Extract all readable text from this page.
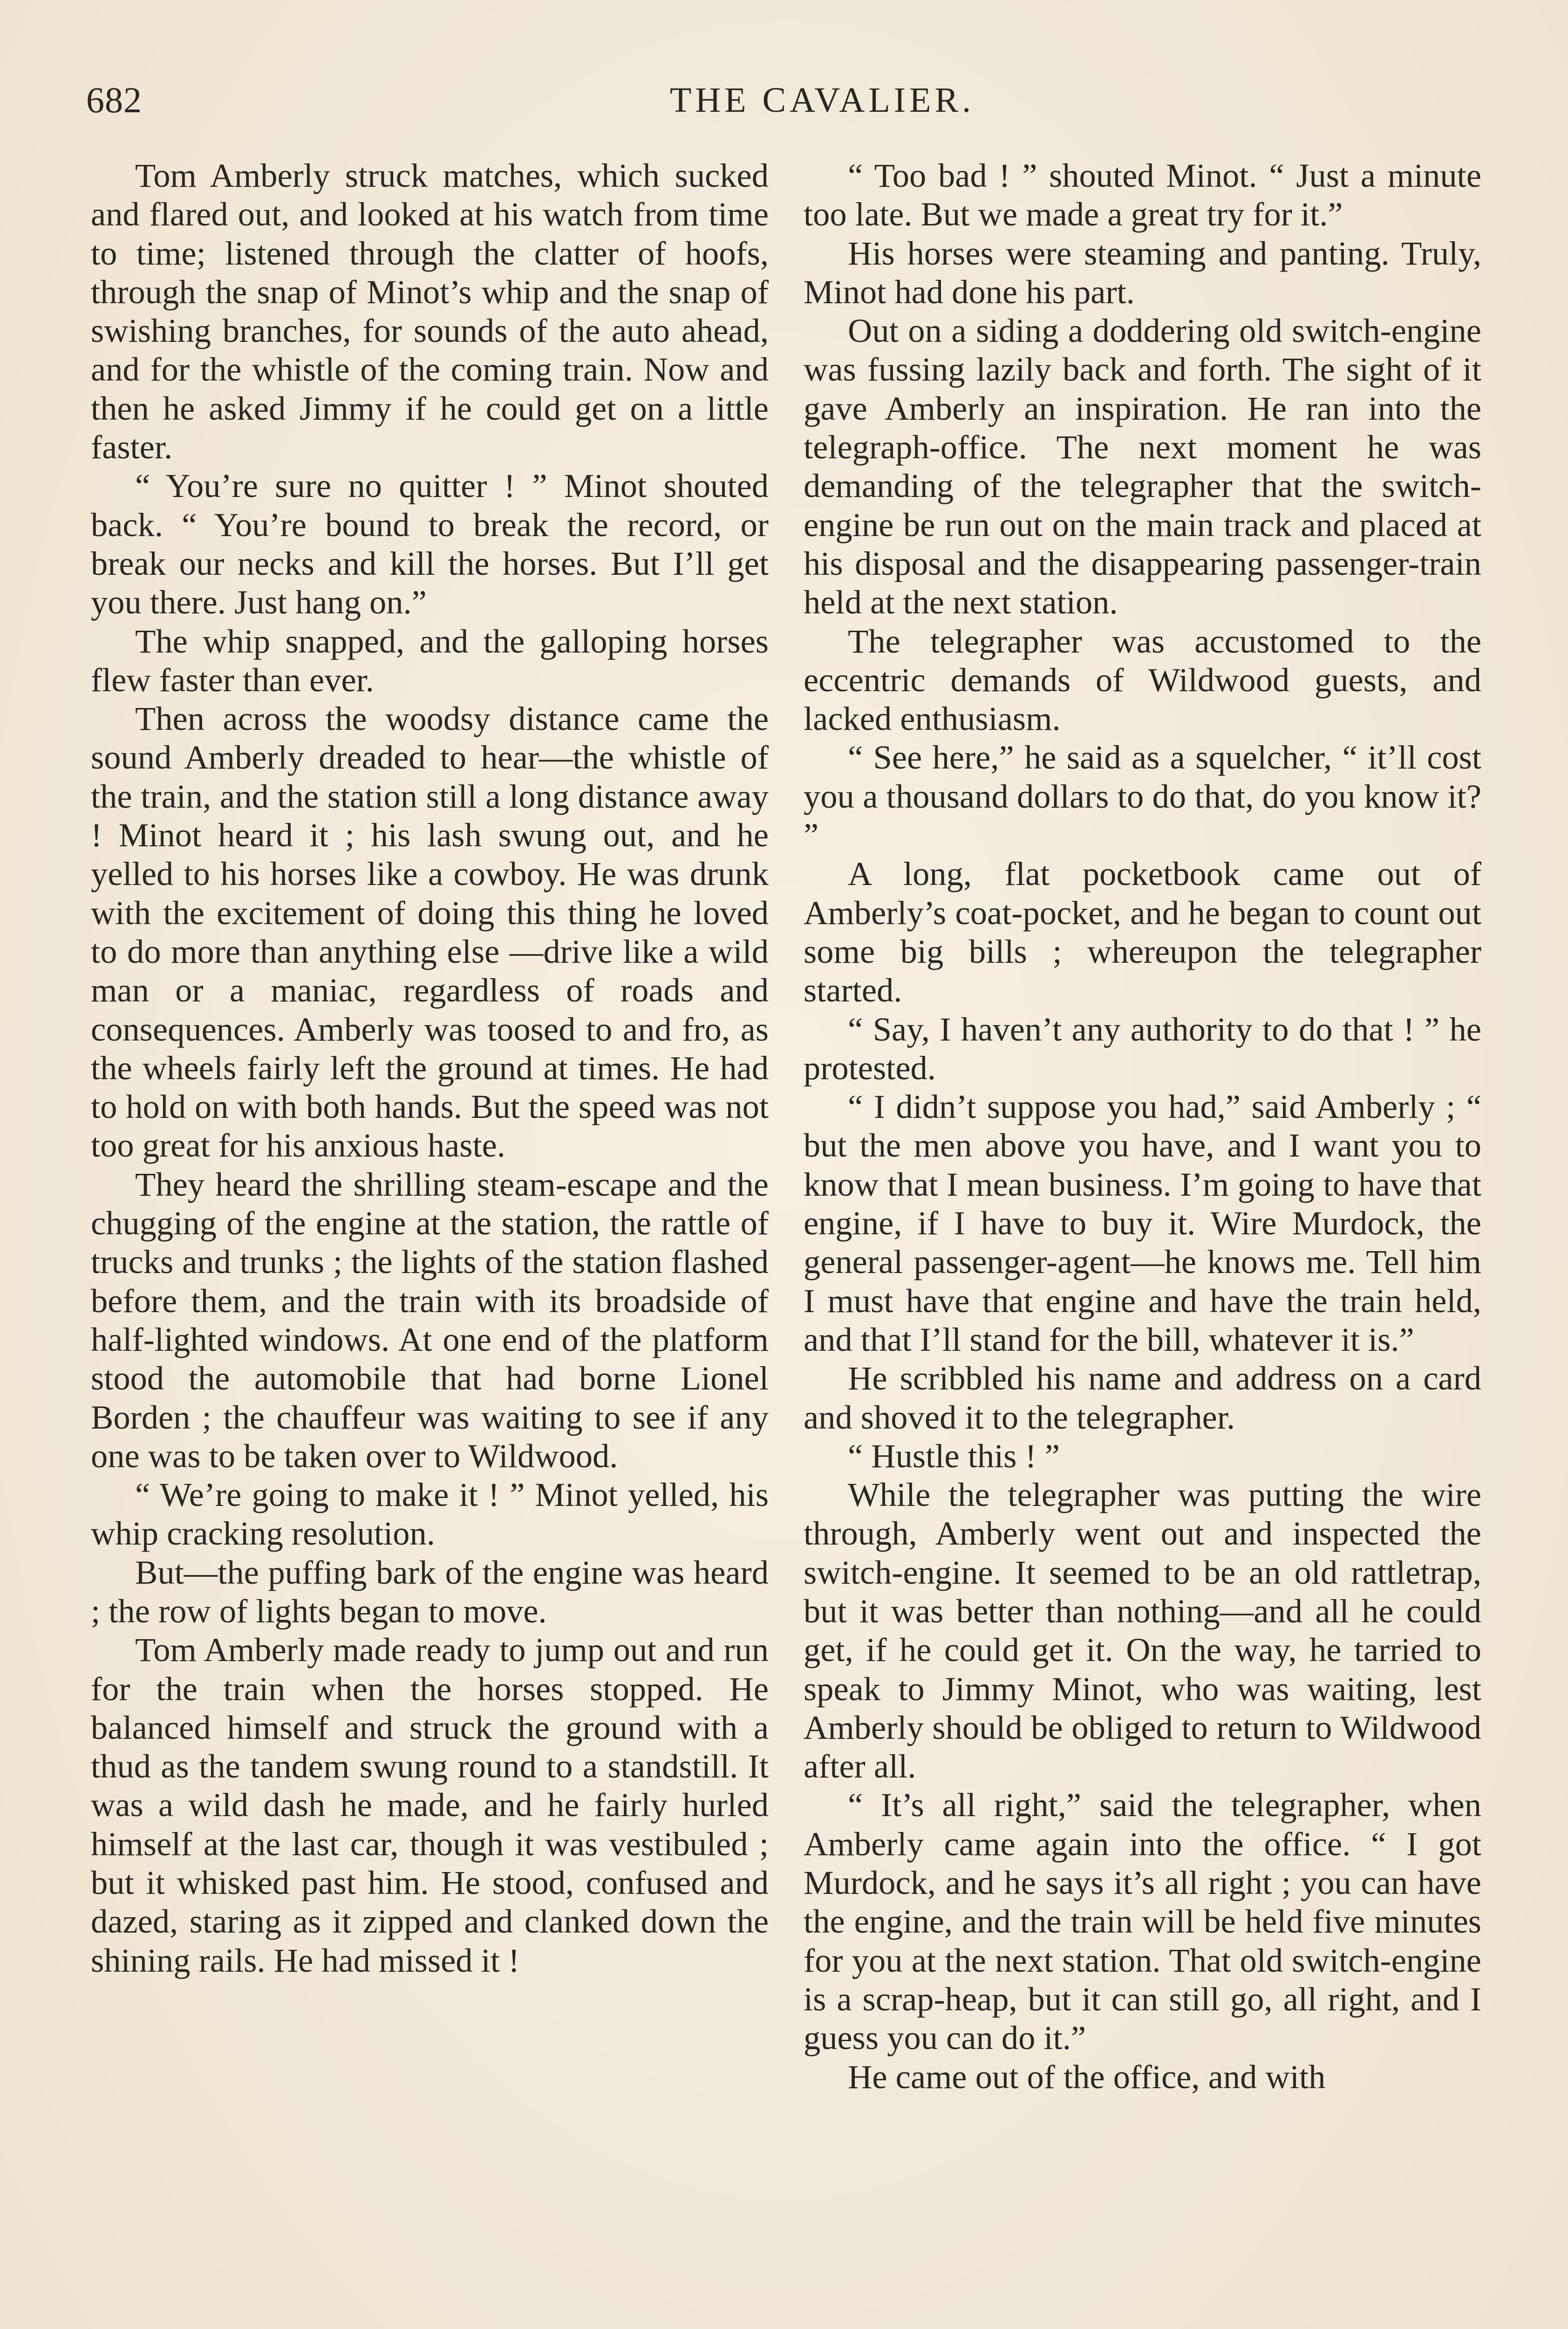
682	THE CAVALIER.

Tom Amberly struck matches, which sucked and flared out, and looked at his watch from time to time; listened through the clatter of hoofs, through the snap of Minot’s whip and the snap of swishing branches, for sounds of the auto ahead, and for the whistle of the coming train. Now and then he asked Jimmy if he could get on a little faster.

“ You’re sure no quitter ! ” Minot shouted back. “ You’re bound to break the record, or break our necks and kill the horses. But I’ll get you there. Just hang on.”

The whip snapped, and the galloping horses flew faster than ever.

Then across the woodsy distance came the sound Amberly dreaded to hear—the whistle of the train, and the station still a long distance away ! Minot heard it ; his lash swung out, and he yelled to his horses like a cowboy. He was drunk with the excitement of doing this thing he loved to do more than anything else —drive like a wild man or a maniac, regardless of roads and consequences. Amberly was toosed to and fro, as the wheels fairly left the ground at times. He had to hold on with both hands. But the speed was not too great for his anxious haste.

They heard the shrilling steam-escape and the chugging of the engine at the station, the rattle of trucks and trunks ; the lights of the station flashed before them, and the train with its broadside of half-lighted windows. At one end of the platform stood the automobile that had borne Lionel Borden ; the chauffeur was waiting to see if any one was to be taken over to Wildwood.

“ We’re going to make it ! ” Minot yelled, his whip cracking resolution.

But—the puffing bark of the engine was heard ; the row of lights began to move.

Tom Amberly made ready to jump out and run for the train when the horses stopped. He balanced himself and struck the ground with a thud as the tandem swung round to a standstill. It was a wild dash he made, and he fairly hurled himself at the last car, though it was vestibuled ; but it whisked past him. He stood, confused and dazed, staring as it zipped and clanked down the shining rails. He had missed it !

“ Too bad ! ” shouted Minot. “ Just a minute too late. But we made a great try for it.”

His horses were steaming and panting. Truly, Minot had done his part.

Out on a siding a doddering old switch-engine was fussing lazily back and forth. The sight of it gave Amberly an inspiration. He ran into the telegraph-office. The next moment he was demanding of the telegrapher that the switch-engine be run out on the main track and placed at his disposal and the disappearing passenger-train held at the next station.

The telegrapher was accustomed to the eccentric demands of Wildwood guests, and lacked enthusiasm.

“ See here,” he said as a squelcher, “ it’ll cost you a thousand dollars to do that, do you know it? ”

A long, flat pocketbook came out of Amberly’s coat-pocket, and he began to count out some big bills ; whereupon the telegrapher started.

“ Say, I haven’t any authority to do that ! ” he protested.

“ I didn’t suppose you had,” said Amberly ; “ but the men above you have, and I want you to know that I mean business. I’m going to have that engine, if I have to buy it. Wire Murdock, the general passenger-agent—he knows me. Tell him I must have that engine and have the train held, and that I’ll stand for the bill, whatever it is.”

He scribbled his name and address on a card and shoved it to the telegrapher.

“ Hustle this ! ”

While the telegrapher was putting the wire through, Amberly went out and inspected the switch-engine. It seemed to be an old rattletrap, but it was better than nothing—and all he could get, if he could get it. On the way, he tarried to speak to Jimmy Minot, who was waiting, lest Amberly should be obliged to return to Wildwood after all.

“ It’s all right,” said the telegrapher, when Amberly came again into the office. “ I got Murdock, and he says it’s all right ; you can have the engine, and the train will be held five minutes for you at the next station. That old switch-engine is a scrap-heap, but it can still go, all right, and I guess you can do it.”

He came out of the office, and with
